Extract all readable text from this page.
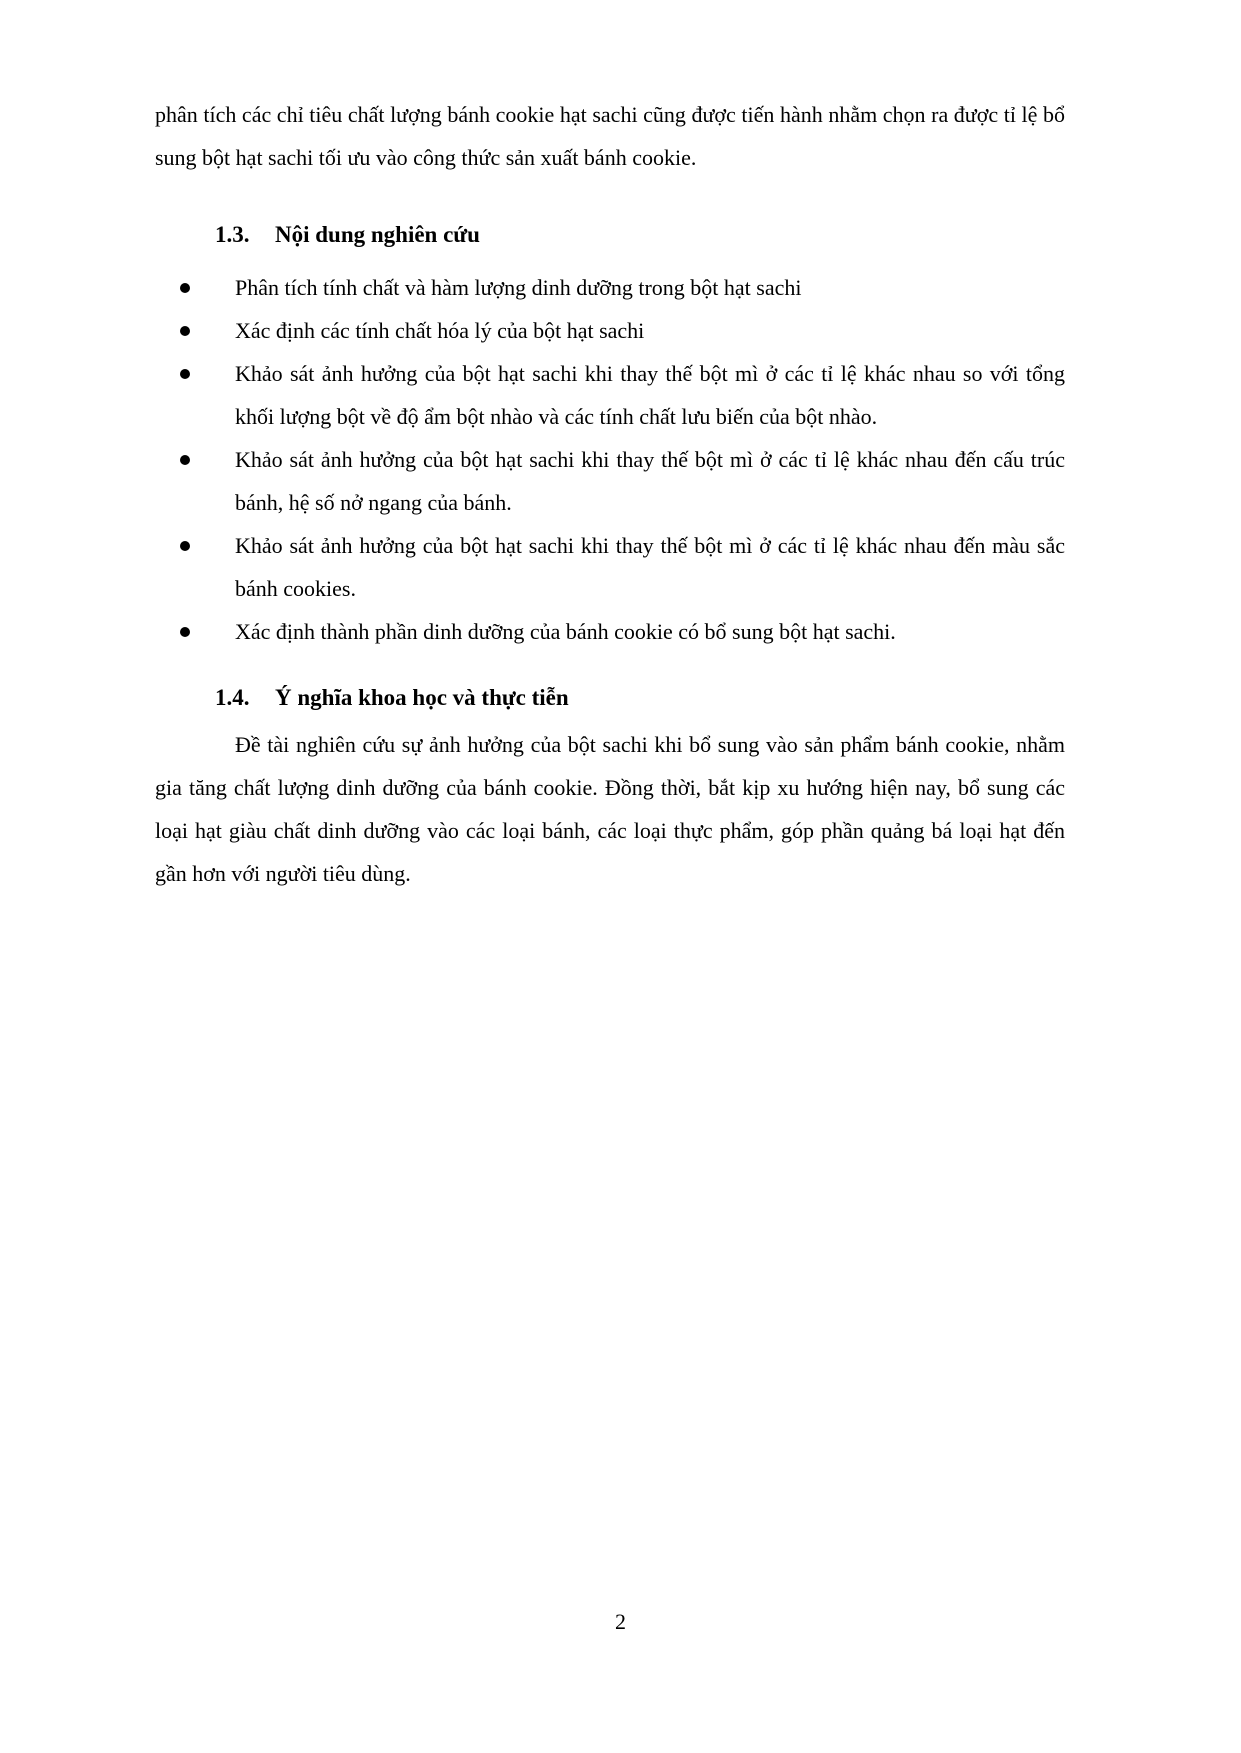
phân tích các chỉ tiêu chất lượng bánh cookie hạt sachi cũng được tiến hành nhằm chọn ra được tỉ lệ bổ sung bột hạt sachi tối ưu vào công thức sản xuất bánh cookie.

1.3. Nội dung nghiên cứu
Phân tích tính chất và hàm lượng dinh dưỡng trong bột hạt sachi
Xác định các tính chất hóa lý của bột hạt sachi
Khảo sát ảnh hưởng của bột hạt sachi khi thay thế bột mì ở các tỉ lệ khác nhau so với tổng khối lượng bột về độ ẩm bột nhào và các tính chất lưu biến của bột nhào.
Khảo sát ảnh hưởng của bột hạt sachi khi thay thế bột mì ở các tỉ lệ khác nhau đến cấu trúc bánh, hệ số nở ngang của bánh.
Khảo sát ảnh hưởng của bột hạt sachi khi thay thế bột mì ở các tỉ lệ khác nhau đến màu sắc bánh cookies.
Xác định thành phần dinh dưỡng của bánh cookie có bổ sung bột hạt sachi.
1.4. Ý nghĩa khoa học và thực tiễn

Đề tài nghiên cứu sự ảnh hưởng của bột sachi khi bổ sung vào sản phẩm bánh cookie, nhằm gia tăng chất lượng dinh dưỡng của bánh cookie. Đồng thời, bắt kịp xu hướng hiện nay, bổ sung các loại hạt giàu chất dinh dưỡng vào các loại bánh, các loại thực phẩm, góp phần quảng bá loại hạt đến gần hơn với người tiêu dùng.

2
